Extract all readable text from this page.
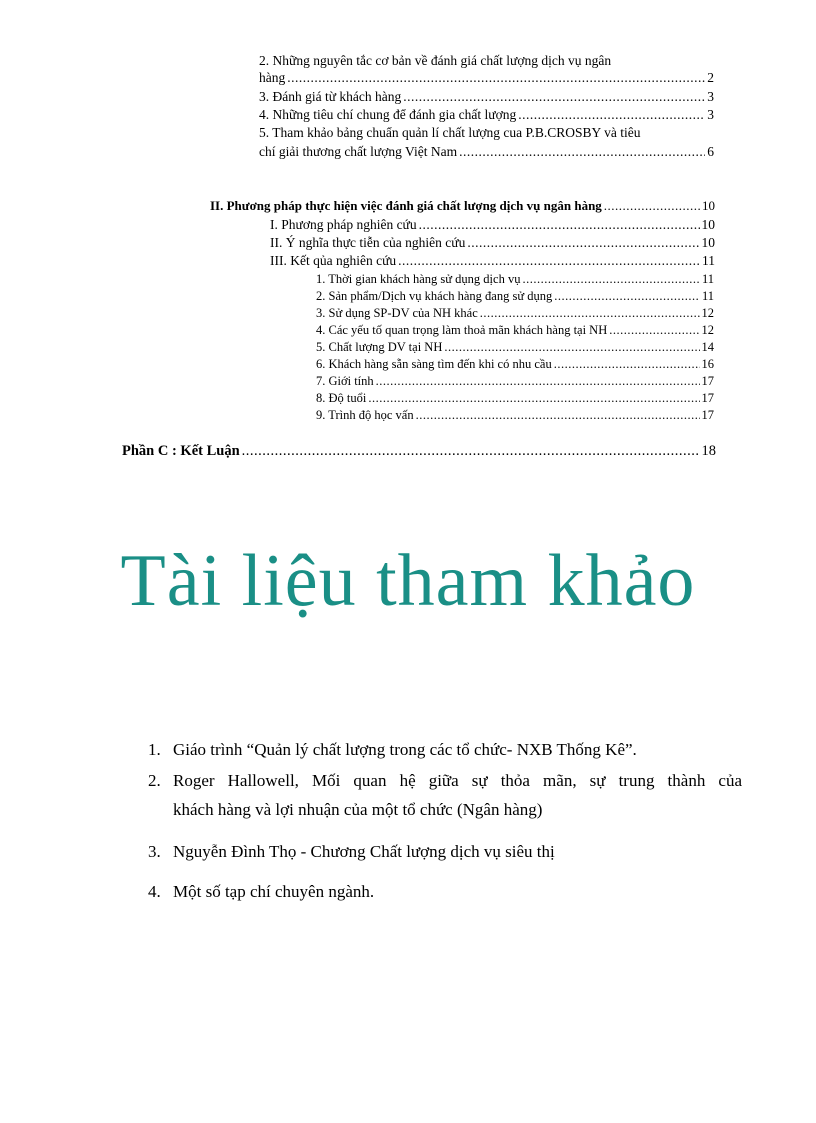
2. Những nguyên tắc cơ bản về đánh giá chất lượng dịch vụ ngân
hàng .....	2
3. Đánh giá từ khách hàng .....	3
4. Những tiêu chí chung để đánh gia chất lượng .....	3
5. Tham khảo bảng chuẩn quản lí chất lượng cua P.B.CROSBY và tiêu
chí giải thương chất lượng Việt Nam .....	6
II. Phương pháp thực hiện việc đánh giá chất lượng dịch vụ ngân hàng .....	10
I. Phương pháp nghiên cứu .....	10
II. Ý nghĩa thực tiễn của nghiên cứu .....	10
III. Kết qủa nghiên cứu .....	11
1. Thời gian khách hàng sử dụng dịch vụ .....	11
2. Sản phẩm/Dịch vụ khách hàng đang sử dụng .....	11
3. Sử dụng SP-DV của NH khác .....	12
4. Các yếu tố quan trọng làm thoả mãn khách hàng tại NH .....	12
5. Chất lượng DV tại NH .....	14
6. Khách hàng sẵn sàng tìm đến khi có nhu cầu .....	16
7. Giới tính .....	17
8. Độ tuổi .....	17
9. Trình độ học vấn .....	17
Phần C : Kết Luận .....	18
Tài liệu tham khảo
1. Giáo trình “Quản lý chất lượng trong các tổ chức- NXB Thống Kê”.
2. Roger Hallowell, Mối quan hệ giữa sự thỏa mãn, sự trung thành của
khách hàng và lợi nhuận của một tổ chức (Ngân hàng)
3. Nguyễn Đình Thọ - Chương Chất lượng dịch vụ siêu thị
4. Một số tạp chí chuyên ngành.
